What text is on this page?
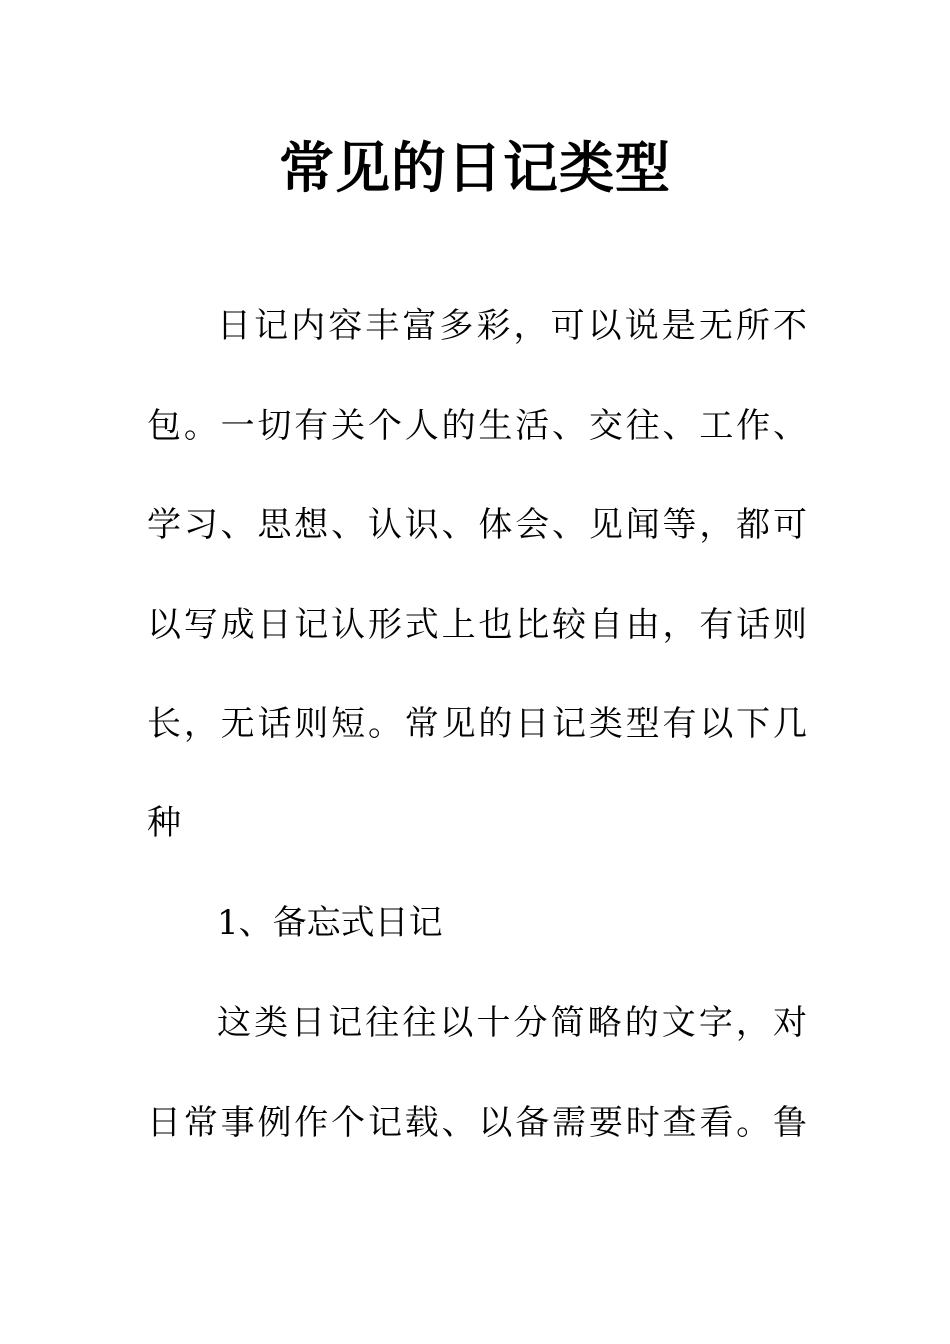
常见的日记类型
日记内容丰富多彩，可以说是无所不
包。一切有关个人的生活、交往、工作、
学习、思想、认识、体会、见闻等，都可
以写成日记认形式上也比较自由，有话则
长，无话则短。常见的日记类型有以下几
种
1、备忘式日记
这类日记往往以十分简略的文字，对
日常事例作个记载、以备需要时查看。鲁
